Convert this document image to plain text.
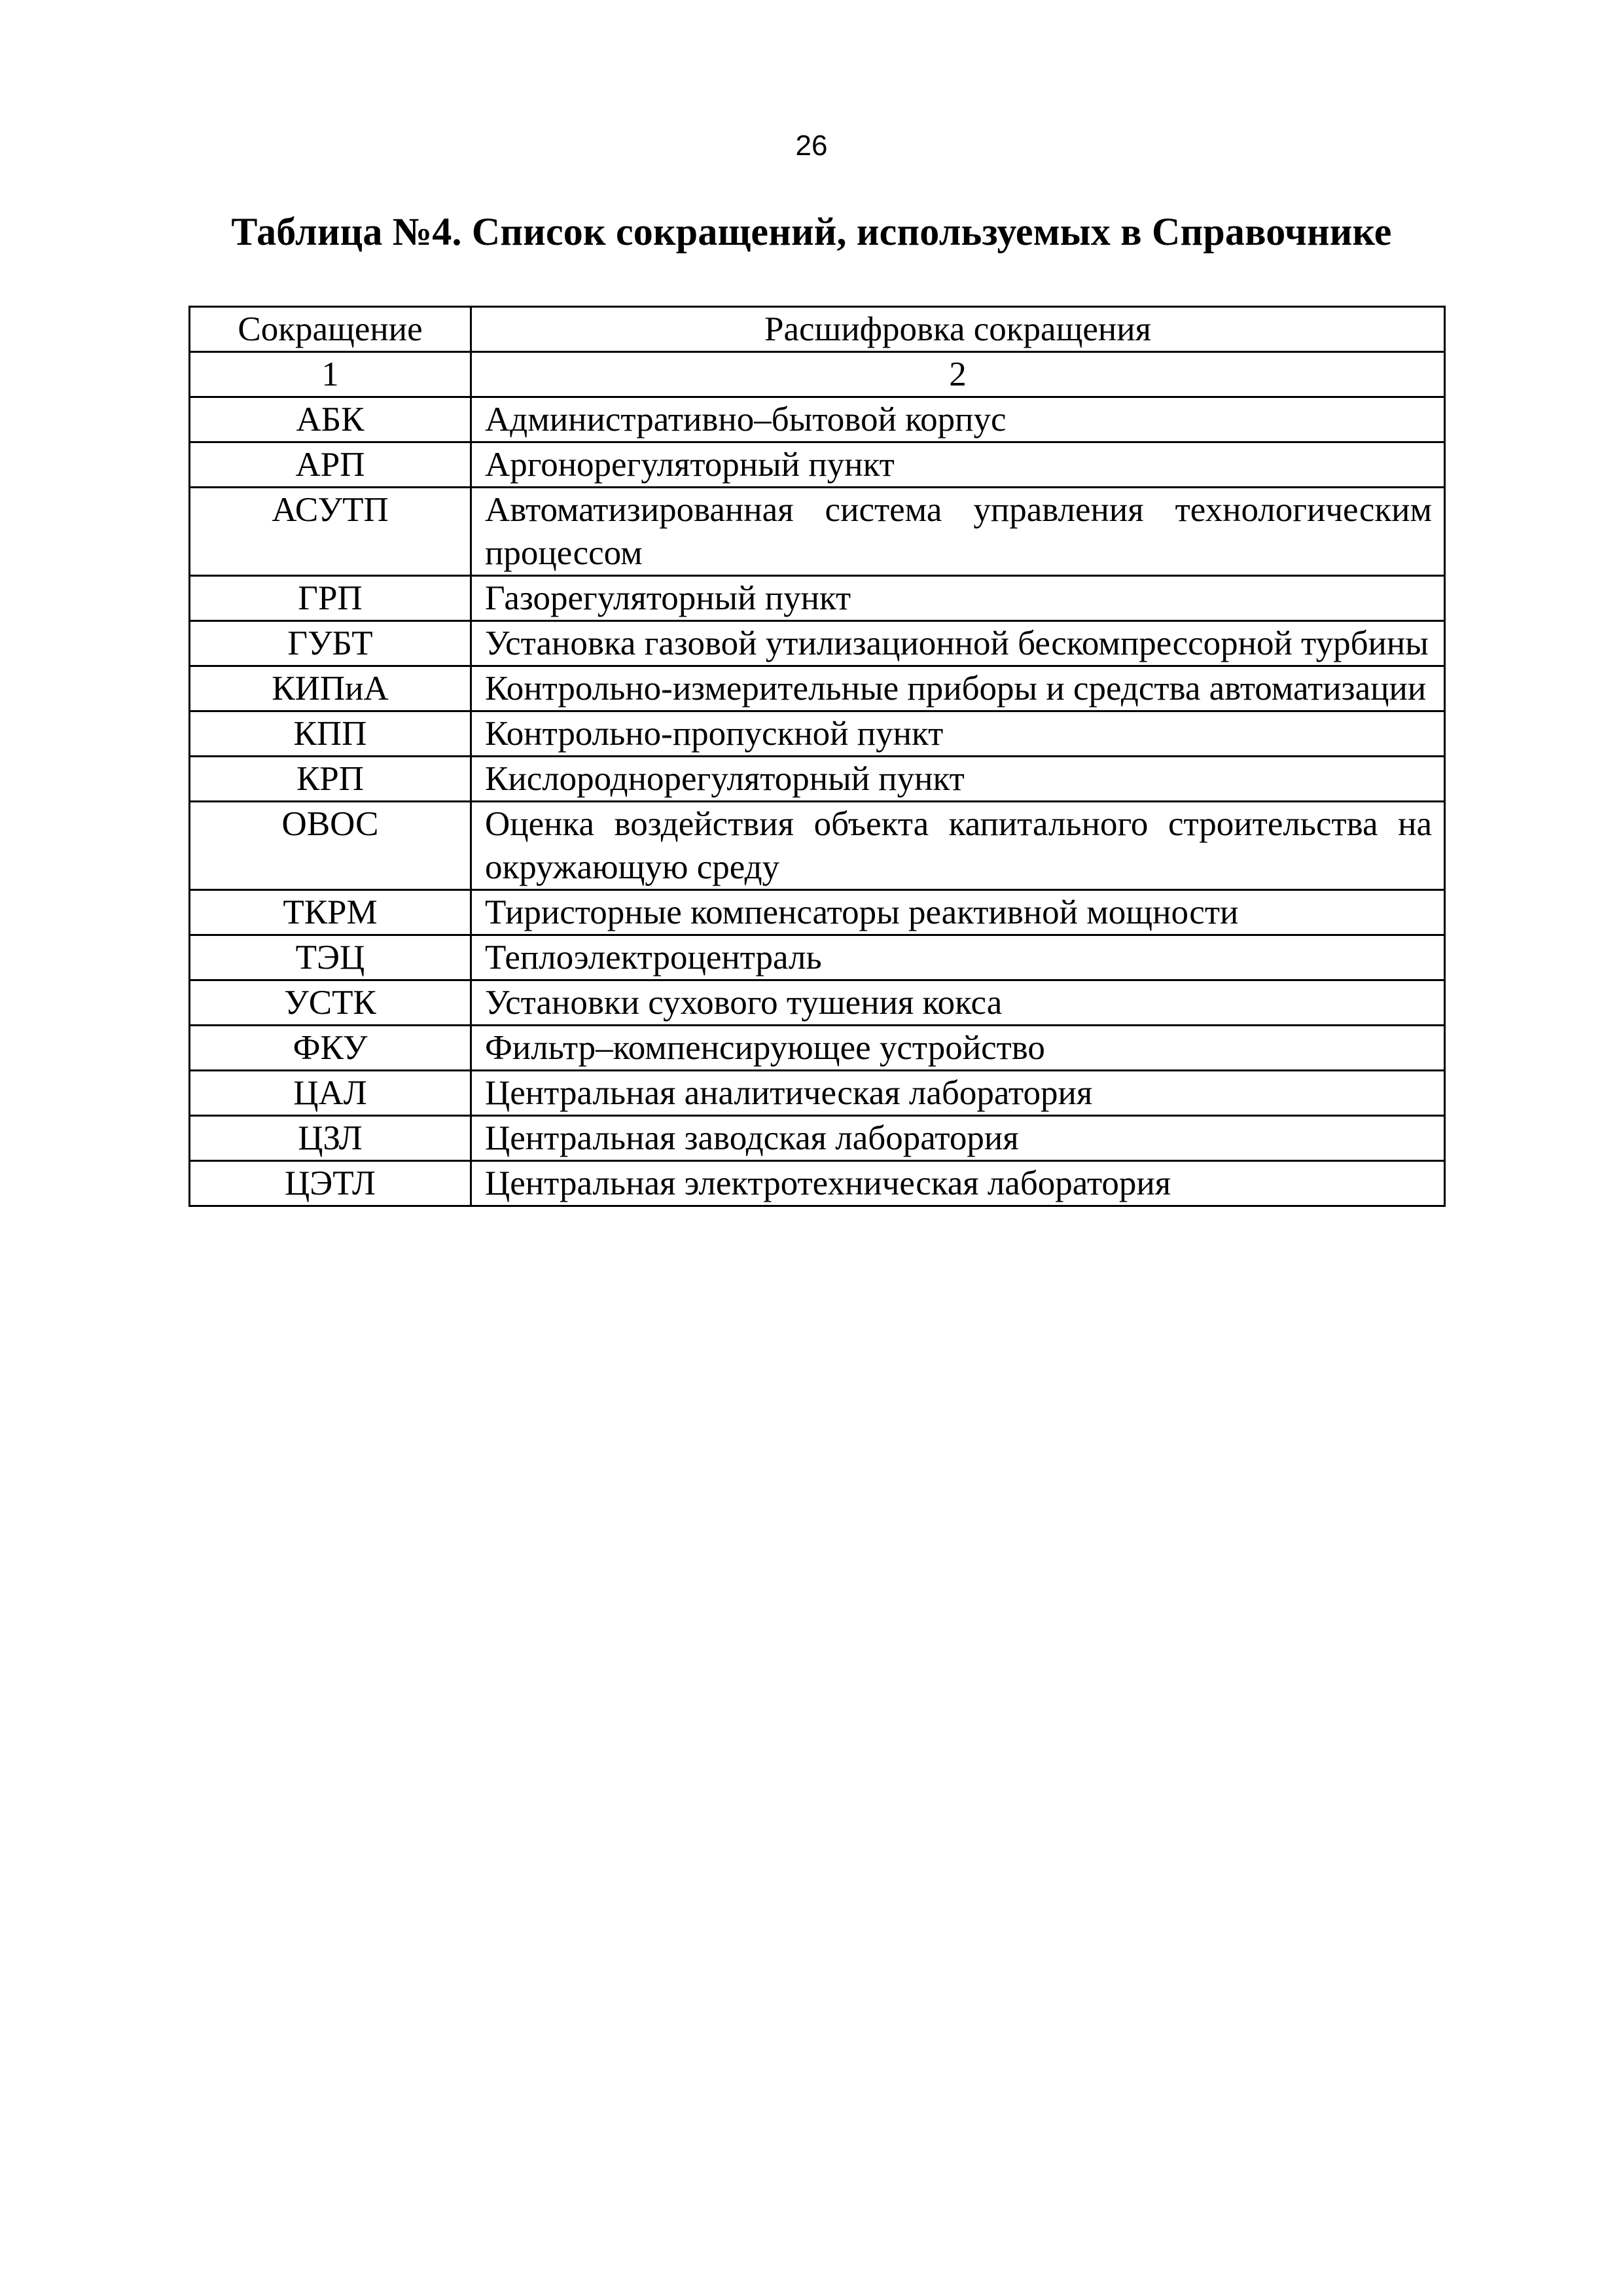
26
Таблица №4. Список сокращений, используемых в Справочнике
Сокращение	Расшифровка сокращения
1	2
АБК	Административно–бытовой корпус
АРП	Аргонорегуляторный пункт
АСУТП	Автоматизированная система управления технологическим процессом
ГРП	Газорегуляторный пункт
ГУБТ	Установка газовой утилизационной бескомпрессорной турбины
КИПиА	Контрольно-измерительные приборы и средства автоматизации
КПП	Контрольно-пропускной пункт
КРП	Кислороднорегуляторный пункт
ОВОС	Оценка воздействия объекта капитального строительства на окружающую среду
ТКРМ	Тиристорные компенсаторы реактивной мощности
ТЭЦ	Теплоэлектроцентраль
УСТК	Установки сухового тушения кокса
ФКУ	Фильтр–компенсирующее устройство
ЦАЛ	Центральная аналитическая лаборатория
ЦЗЛ	Центральная заводская лаборатория
ЦЭТЛ	Центральная электротехническая лаборатория
